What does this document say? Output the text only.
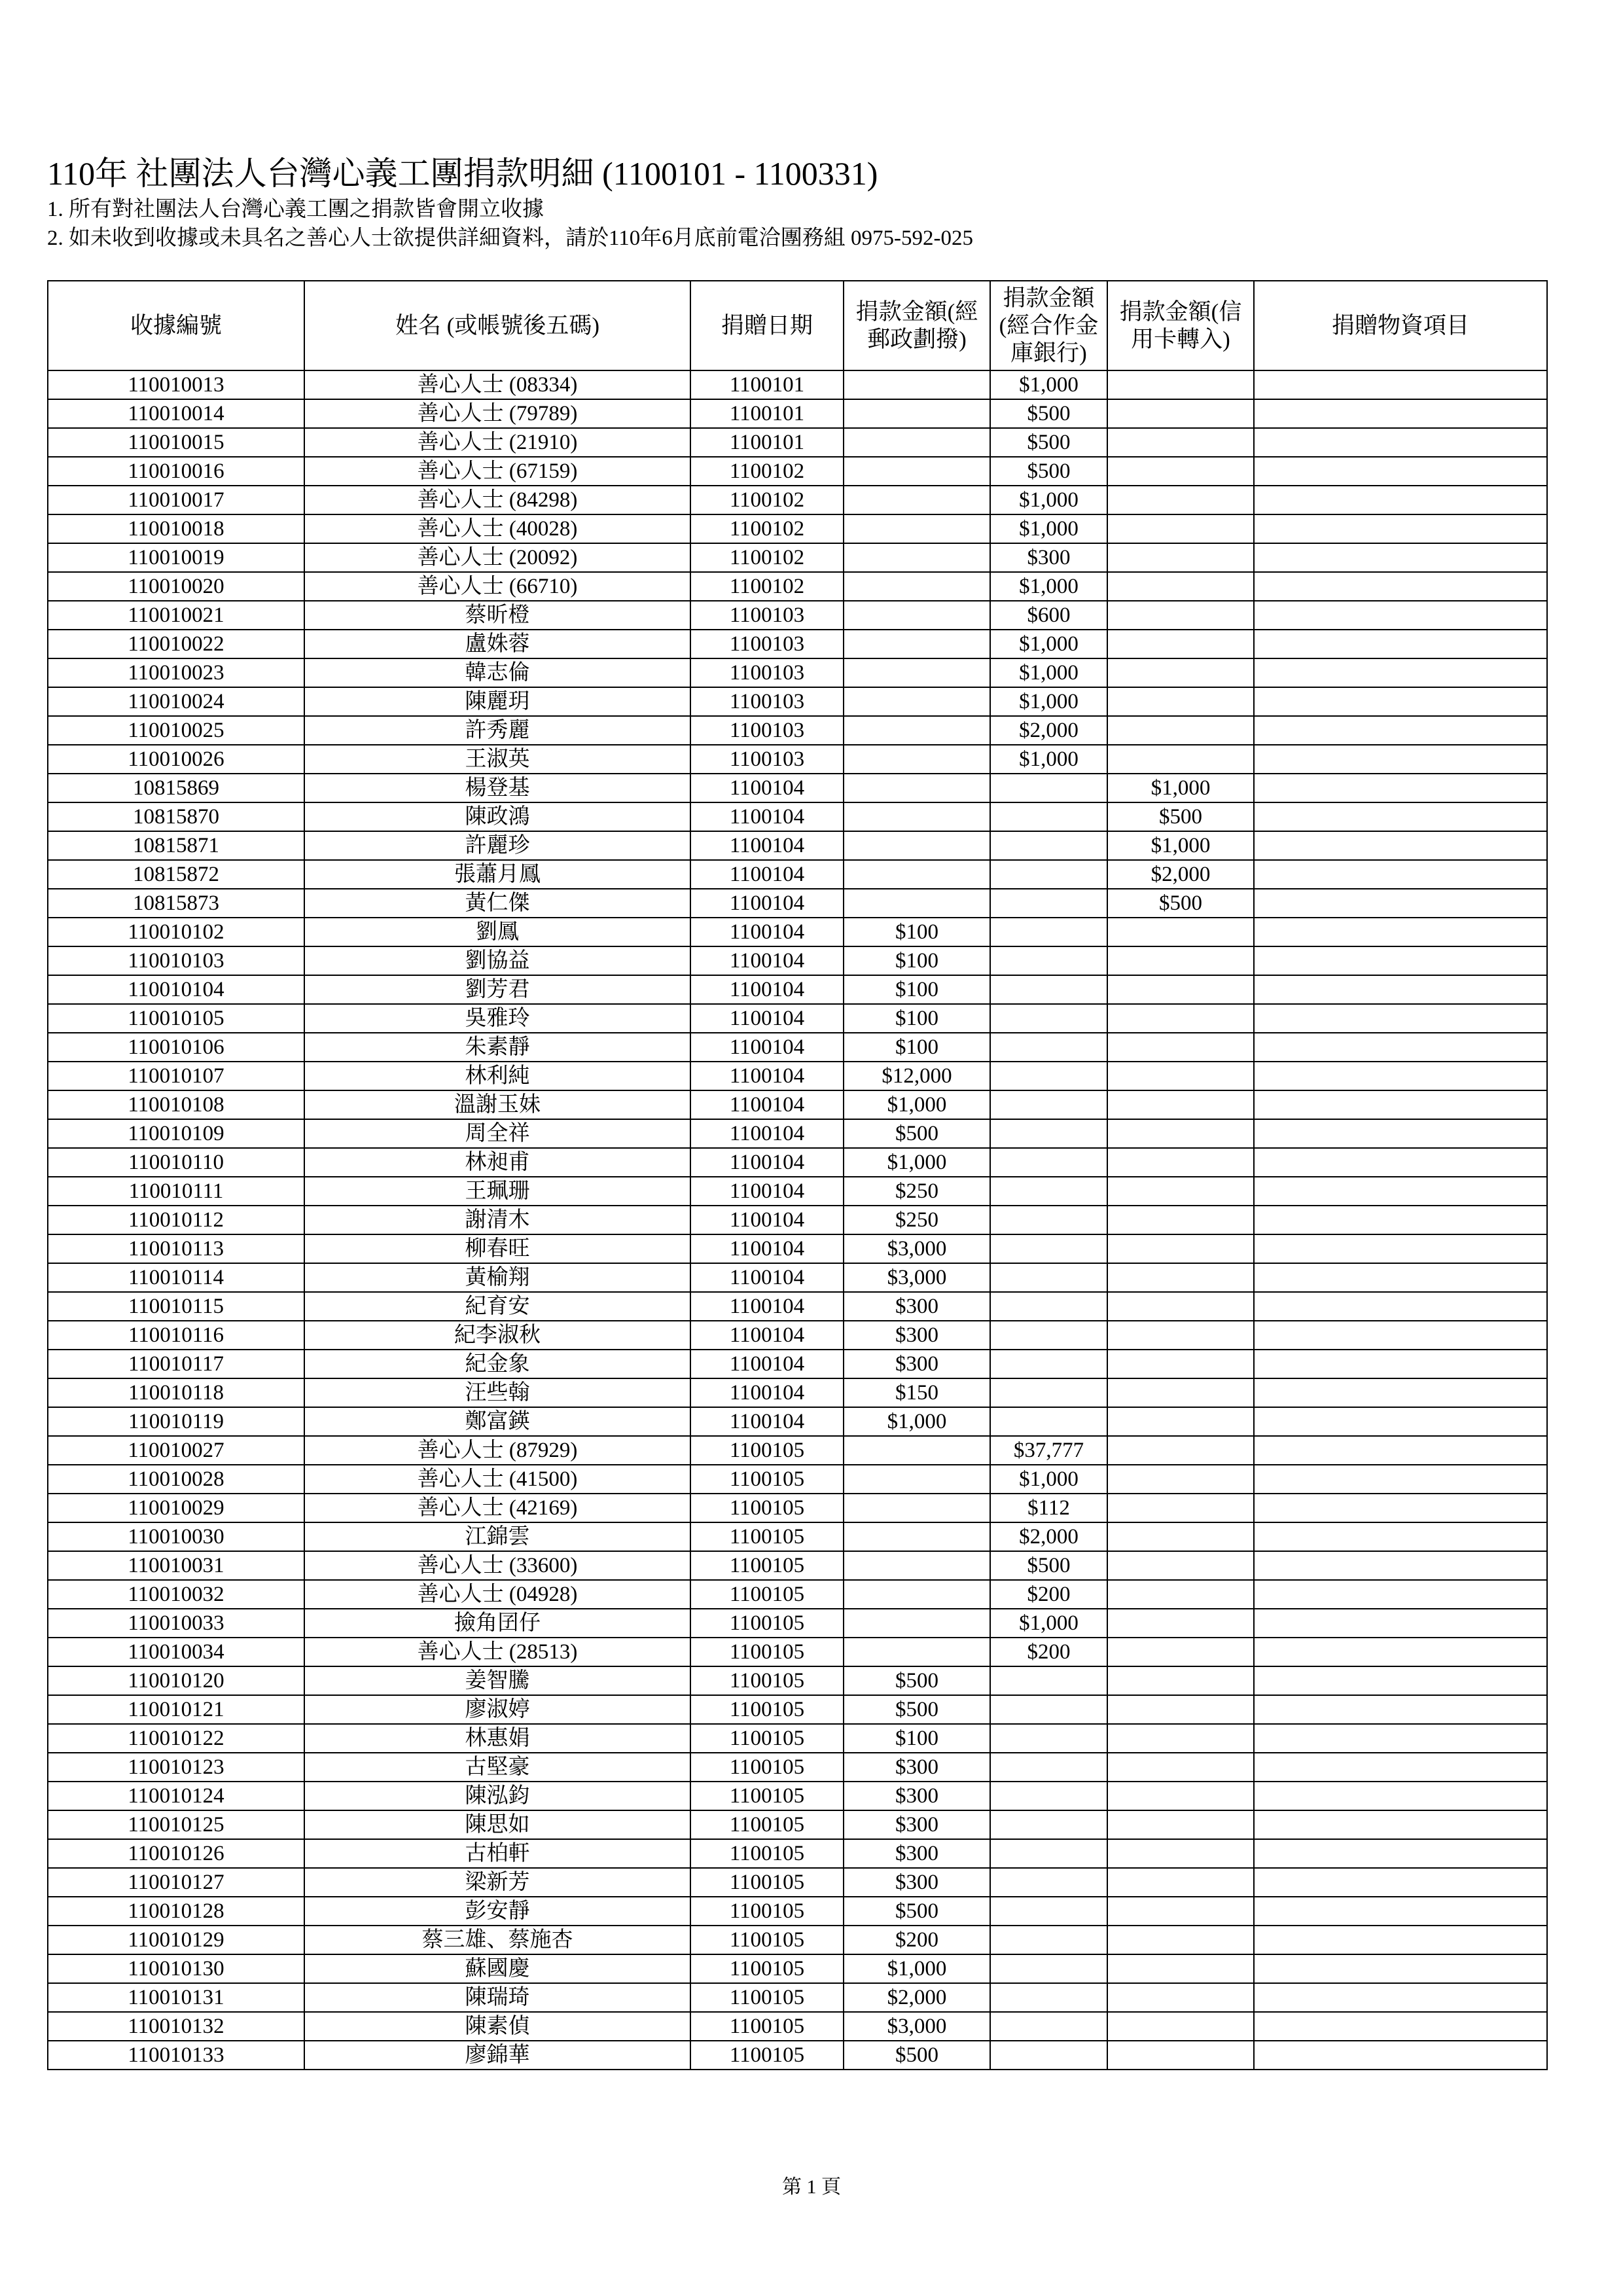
110年 社團法人台灣心義工團捐款明細 (1100101 - 1100331)
1. 所有對社團法人台灣心義工團之捐款皆會開立收據
2. 如未收到收據或未具名之善心人士欲提供詳細資料，請於110年6月底前電洽團務組 0975-592-025
收據編號	姓名 (或帳號後五碼)	捐贈日期	捐款金額(經郵政劃撥)	捐款金額(經合作金庫銀行)	捐款金額(信用卡轉入)	捐贈物資項目
110010013	善心人士 (08334)	1100101		$1,000		
110010014	善心人士 (79789)	1100101		$500		
110010015	善心人士 (21910)	1100101		$500		
110010016	善心人士 (67159)	1100102		$500		
110010017	善心人士 (84298)	1100102		$1,000		
110010018	善心人士 (40028)	1100102		$1,000		
110010019	善心人士 (20092)	1100102		$300		
110010020	善心人士 (66710)	1100102		$1,000		
110010021	蔡昕橙	1100103		$600		
110010022	盧姝蓉	1100103		$1,000		
110010023	韓志倫	1100103		$1,000		
110010024	陳麗玥	1100103		$1,000		
110010025	許秀麗	1100103		$2,000		
110010026	王淑英	1100103		$1,000		
10815869	楊登基	1100104			$1,000	
10815870	陳政鴻	1100104			$500	
10815871	許麗珍	1100104			$1,000	
10815872	張蕭月鳳	1100104			$2,000	
10815873	黃仁傑	1100104			$500	
110010102	劉鳳	1100104	$100			
110010103	劉協益	1100104	$100			
110010104	劉芳君	1100104	$100			
110010105	吳雅玲	1100104	$100			
110010106	朱素靜	1100104	$100			
110010107	林利純	1100104	$12,000			
110010108	溫謝玉妹	1100104	$1,000			
110010109	周全祥	1100104	$500			
110010110	林昶甫	1100104	$1,000			
110010111	王珮珊	1100104	$250			
110010112	謝清木	1100104	$250			
110010113	柳春旺	1100104	$3,000			
110010114	黃榆翔	1100104	$3,000			
110010115	紀育安	1100104	$300			
110010116	紀李淑秋	1100104	$300			
110010117	紀金象	1100104	$300			
110010118	汪些翰	1100104	$150			
110010119	鄭富鍈	1100104	$1,000			
110010027	善心人士 (87929)	1100105		$37,777		
110010028	善心人士 (41500)	1100105		$1,000		
110010029	善心人士 (42169)	1100105		$112		
110010030	江錦雲	1100105		$2,000		
110010031	善心人士 (33600)	1100105		$500		
110010032	善心人士 (04928)	1100105		$200		
110010033	撿角囝仔	1100105		$1,000		
110010034	善心人士 (28513)	1100105		$200		
110010120	姜智騰	1100105	$500			
110010121	廖淑婷	1100105	$500			
110010122	林惠娟	1100105	$100			
110010123	古堅豪	1100105	$300			
110010124	陳泓鈞	1100105	$300			
110010125	陳思如	1100105	$300			
110010126	古柏軒	1100105	$300			
110010127	梁新芳	1100105	$300			
110010128	彭安靜	1100105	$500			
110010129	蔡三雄、蔡施杏	1100105	$200			
110010130	蘇國慶	1100105	$1,000			
110010131	陳瑞琦	1100105	$2,000			
110010132	陳素偵	1100105	$3,000			
110010133	廖錦華	1100105	$500			
第 1 頁
